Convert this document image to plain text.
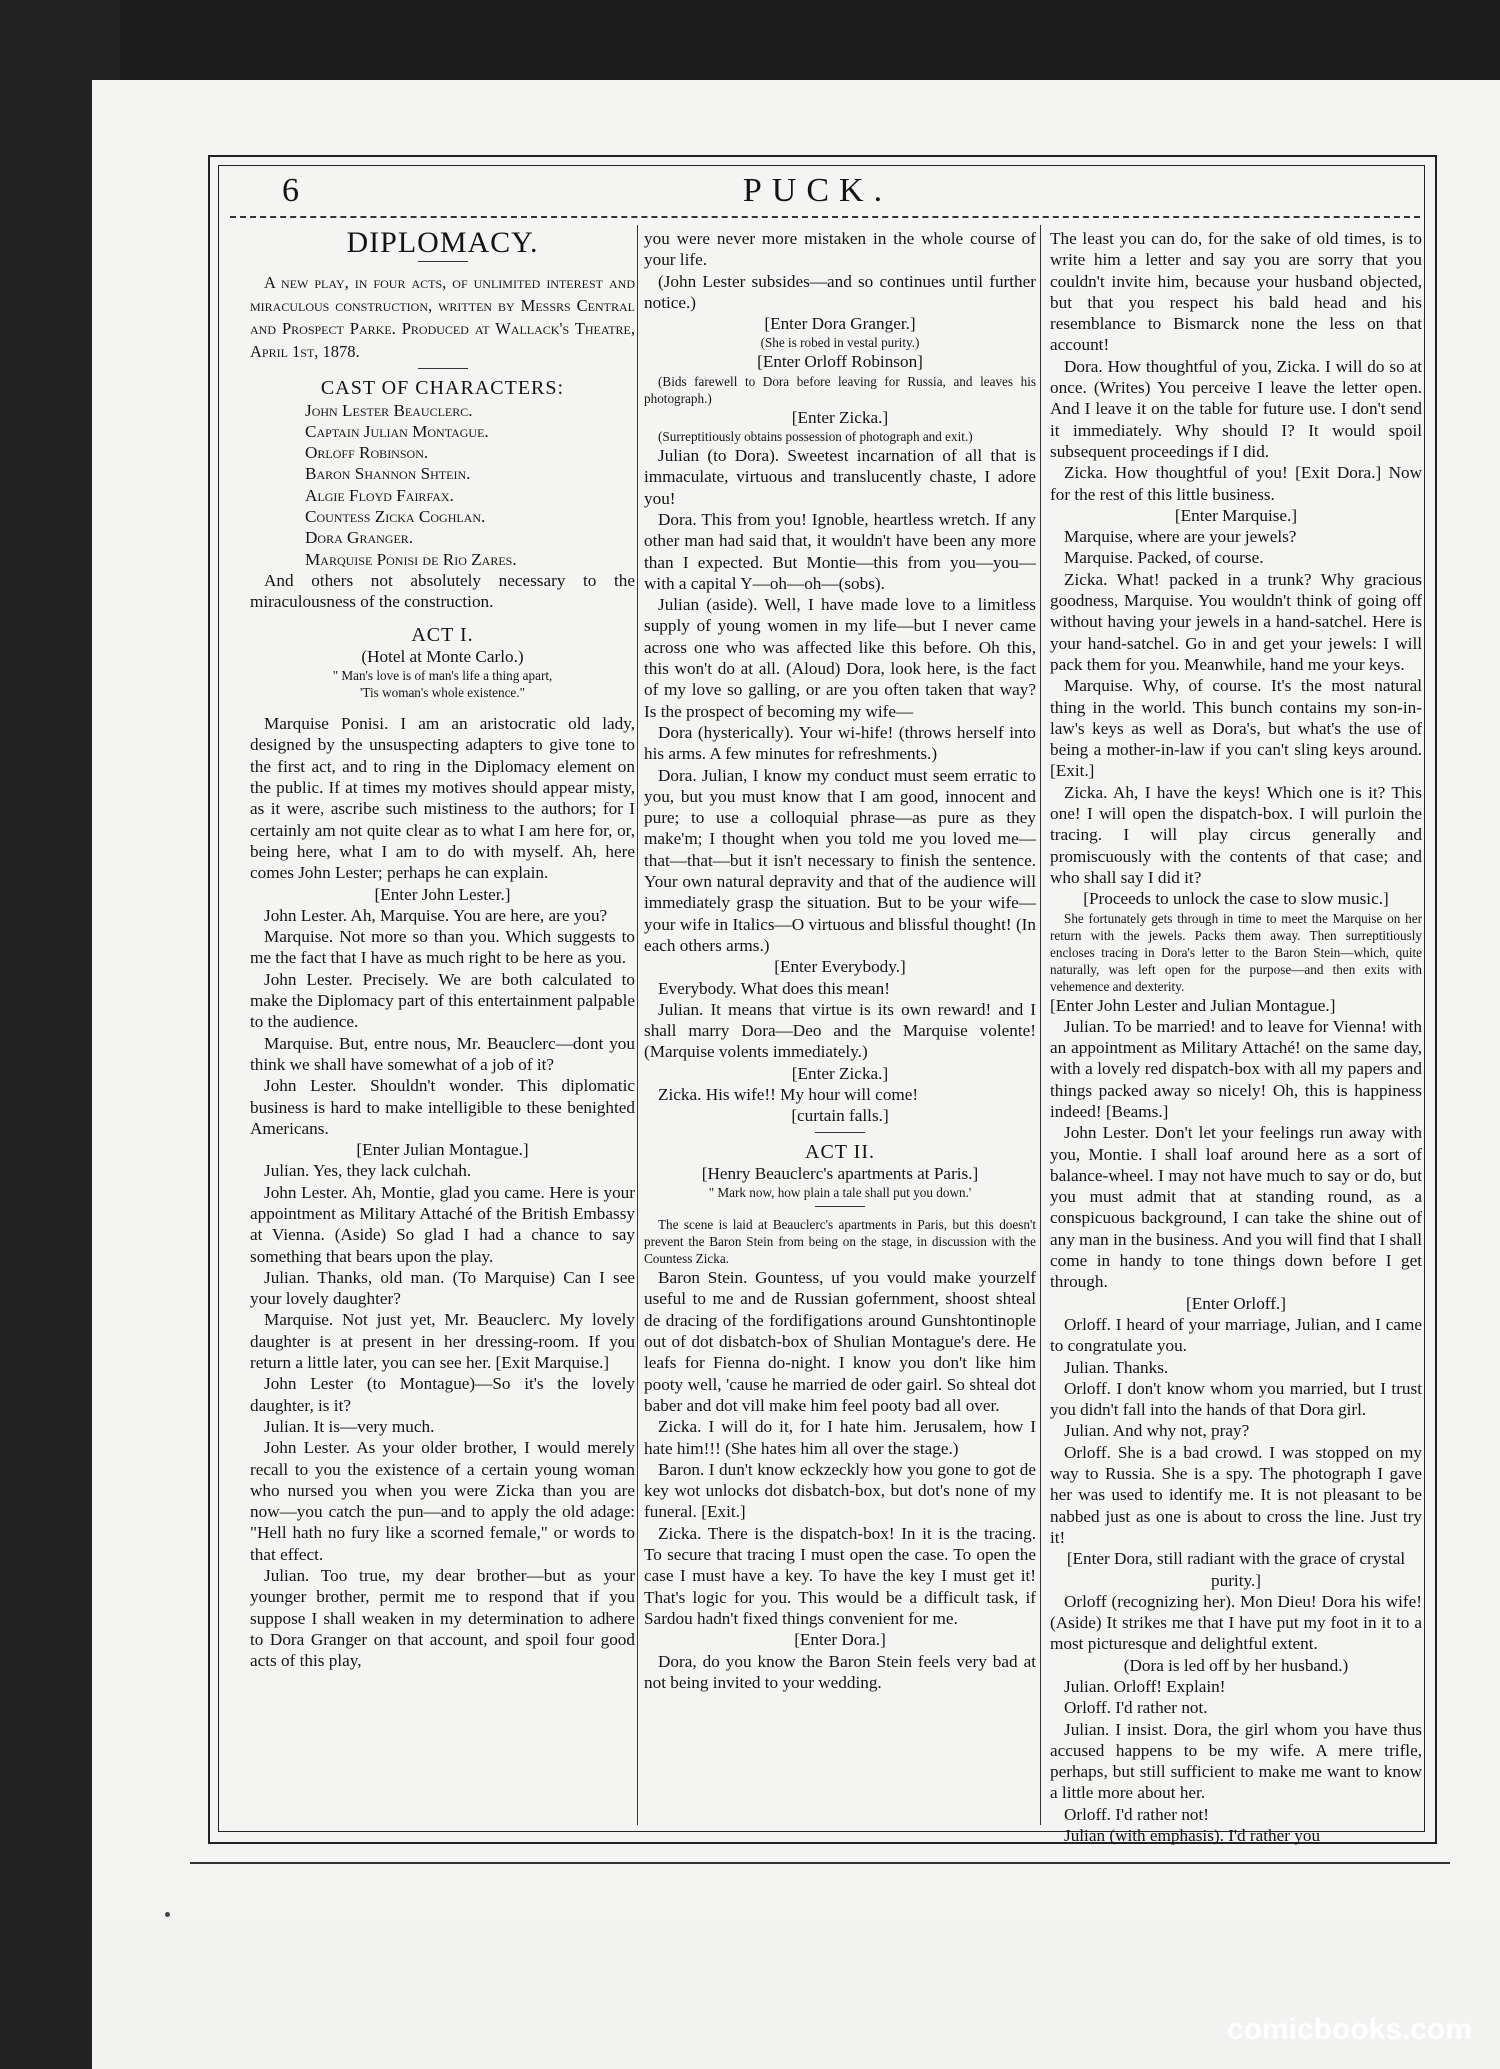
6	PUCK.
DIPLOMACY.

A new play, in four acts, of unlimited interest and miraculous construction, written by Messrs Central and Prospect Parke. Produced at Wallack's Theatre, April 1st, 1878.

CAST OF CHARACTERS:
John Lester Beauclerc.
Captain Julian Montague.
Orloff Robinson.
Baron Shannon Shtein.
Algie Floyd Fairfax.
Countess Zicka Coghlan.
Dora Granger.
Marquise Ponisi de Rio Zares.

And others not absolutely necessary to the miraculousness of the construction.

ACT I.

(Hotel at Monte Carlo.)

" Man's love is of man's life a thing apart,

'Tis woman's whole existence."

Marquise Ponisi. I am an aristocratic old lady, designed by the unsuspecting adapters to give tone to the first act, and to ring in the Diplomacy element on the public. If at times my motives should appear misty, as it were, ascribe such mistiness to the authors; for I certainly am not quite clear as to what I am here for, or, being here, what I am to do with myself. Ah, here comes John Lester; perhaps he can explain.

[Enter John Lester.]

John Lester. Ah, Marquise. You are here, are you?

Marquise. Not more so than you. Which suggests to me the fact that I have as much right to be here as you.

John Lester. Precisely. We are both calculated to make the Diplomacy part of this entertainment palpable to the audience.

Marquise. But, entre nous, Mr. Beauclerc—dont you think we shall have somewhat of a job of it?

John Lester. Shouldn't wonder. This diplomatic business is hard to make intelligible to these benighted Americans.

[Enter Julian Montague.]

Julian. Yes, they lack culchah.

John Lester. Ah, Montie, glad you came. Here is your appointment as Military Attaché of the British Embassy at Vienna. (Aside) So glad I had a chance to say something that bears upon the play.

Julian. Thanks, old man. (To Marquise) Can I see your lovely daughter?

Marquise. Not just yet, Mr. Beauclerc. My lovely daughter is at present in her dressing-room. If you return a little later, you can see her. [Exit Marquise.]

John Lester (to Montague)—So it's the lovely daughter, is it?

Julian. It is—very much.

John Lester. As your older brother, I would merely recall to you the existence of a certain young woman who nursed you when you were Zicka than you are now—you catch the pun—and to apply the old adage: "Hell hath no fury like a scorned female," or words to that effect.

Julian. Too true, my dear brother—but as your younger brother, permit me to respond that if you suppose I shall weaken in my determination to adhere to Dora Granger on that account, and spoil four good acts of this play,

you were never more mistaken in the whole course of your life.

(John Lester subsides—and so continues until further notice.)

[Enter Dora Granger.]

(She is robed in vestal purity.)

[Enter Orloff Robinson]

(Bids farewell to Dora before leaving for Russia, and leaves his photograph.)

[Enter Zicka.]

(Surreptitiously obtains possession of photograph and exit.)

Julian (to Dora). Sweetest incarnation of all that is immaculate, virtuous and translucently chaste, I adore you!

Dora. This from you! Ignoble, heartless wretch. If any other man had said that, it wouldn't have been any more than I expected. But Montie—this from you—you—with a capital Y—oh—oh—(sobs).

Julian (aside). Well, I have made love to a limitless supply of young women in my life—but I never came across one who was affected like this before. Oh this, this won't do at all. (Aloud) Dora, look here, is the fact of my love so galling, or are you often taken that way? Is the prospect of becoming my wife—

Dora (hysterically). Your wi-hife! (throws herself into his arms. A few minutes for refreshments.)

Dora. Julian, I know my conduct must seem erratic to you, but you must know that I am good, innocent and pure; to use a colloquial phrase—as pure as they make'm; I thought when you told me you loved me—that—that—but it isn't necessary to finish the sentence. Your own natural depravity and that of the audience will immediately grasp the situation. But to be your wife—your wife in Italics—O virtuous and blissful thought! (In each others arms.)

[Enter Everybody.]

Everybody. What does this mean!

Julian. It means that virtue is its own reward! and I shall marry Dora—Deo and the Marquise volente! (Marquise volents immediately.)

[Enter Zicka.]

Zicka. His wife!! My hour will come!

[curtain falls.]

ACT II.

[Henry Beauclerc's apartments at Paris.]

" Mark now, how plain a tale shall put you down.'

The scene is laid at Beauclerc's apartments in Paris, but this doesn't prevent the Baron Stein from being on the stage, in discussion with the Countess Zicka.

Baron Stein. Gountess, uf you vould make yourzelf useful to me and de Russian gofernment, shoost shteal de dracing of the fordifigations around Gunshtontinople out of dot disbatch-box of Shulian Montague's dere. He leafs for Fienna do-night. I know you don't like him pooty well, 'cause he married de oder gairl. So shteal dot baber and dot vill make him feel pooty bad all over.

Zicka. I will do it, for I hate him. Jerusalem, how I hate him!!! (She hates him all over the stage.)

Baron. I dun't know eckzeckly how you gone to got de key wot unlocks dot disbatch-box, but dot's none of my funeral. [Exit.]

Zicka. There is the dispatch-box! In it is the tracing. To secure that tracing I must open the case. To open the case I must have a key. To have the key I must get it! That's logic for you. This would be a difficult task, if Sardou hadn't fixed things convenient for me.

[Enter Dora.]

Dora, do you know the Baron Stein feels very bad at not being invited to your wedding.

The least you can do, for the sake of old times, is to write him a letter and say you are sorry that you couldn't invite him, because your husband objected, but that you respect his bald head and his resemblance to Bismarck none the less on that account!

Dora. How thoughtful of you, Zicka. I will do so at once. (Writes) You perceive I leave the letter open. And I leave it on the table for future use. I don't send it immediately. Why should I? It would spoil subsequent proceedings if I did.

Zicka. How thoughtful of you! [Exit Dora.] Now for the rest of this little business.

[Enter Marquise.]

Marquise, where are your jewels?

Marquise. Packed, of course.

Zicka. What! packed in a trunk? Why gracious goodness, Marquise. You wouldn't think of going off without having your jewels in a hand-satchel. Here is your hand-satchel. Go in and get your jewels: I will pack them for you. Meanwhile, hand me your keys.

Marquise. Why, of course. It's the most natural thing in the world. This bunch contains my son-in-law's keys as well as Dora's, but what's the use of being a mother-in-law if you can't sling keys around. [Exit.]

Zicka. Ah, I have the keys! Which one is it? This one! I will open the dispatch-box. I will purloin the tracing. I will play circus generally and promiscuously with the contents of that case; and who shall say I did it?

[Proceeds to unlock the case to slow music.]

She fortunately gets through in time to meet the Marquise on her return with the jewels. Packs them away. Then surreptitiously encloses tracing in Dora's letter to the Baron Stein—which, quite naturally, was left open for the purpose—and then exits with vehemence and dexterity.

[Enter John Lester and Julian Montague.]

Julian. To be married! and to leave for Vienna! with an appointment as Military Attaché! on the same day, with a lovely red dispatch-box with all my papers and things packed away so nicely! Oh, this is happiness indeed! [Beams.]

John Lester. Don't let your feelings run away with you, Montie. I shall loaf around here as a sort of balance-wheel. I may not have much to say or do, but you must admit that at standing round, as a conspicuous background, I can take the shine out of any man in the business. And you will find that I shall come in handy to tone things down before I get through.

[Enter Orloff.]

Orloff. I heard of your marriage, Julian, and I came to congratulate you.

Julian. Thanks.

Orloff. I don't know whom you married, but I trust you didn't fall into the hands of that Dora girl.

Julian. And why not, pray?

Orloff. She is a bad crowd. I was stopped on my way to Russia. She is a spy. The photograph I gave her was used to identify me. It is not pleasant to be nabbed just as one is about to cross the line. Just try it!

[Enter Dora, still radiant with the grace of crystal purity.]

Orloff (recognizing her). Mon Dieu! Dora his wife! (Aside) It strikes me that I have put my foot in it to a most picturesque and delightful extent.

(Dora is led off by her husband.)

Julian. Orloff! Explain!

Orloff. I'd rather not.

Julian. I insist. Dora, the girl whom you have thus accused happens to be my wife. A mere trifle, perhaps, but still sufficient to make me want to know a little more about her.

Orloff. I'd rather not!

Julian (with emphasis). I'd rather you

comicbooks.com
